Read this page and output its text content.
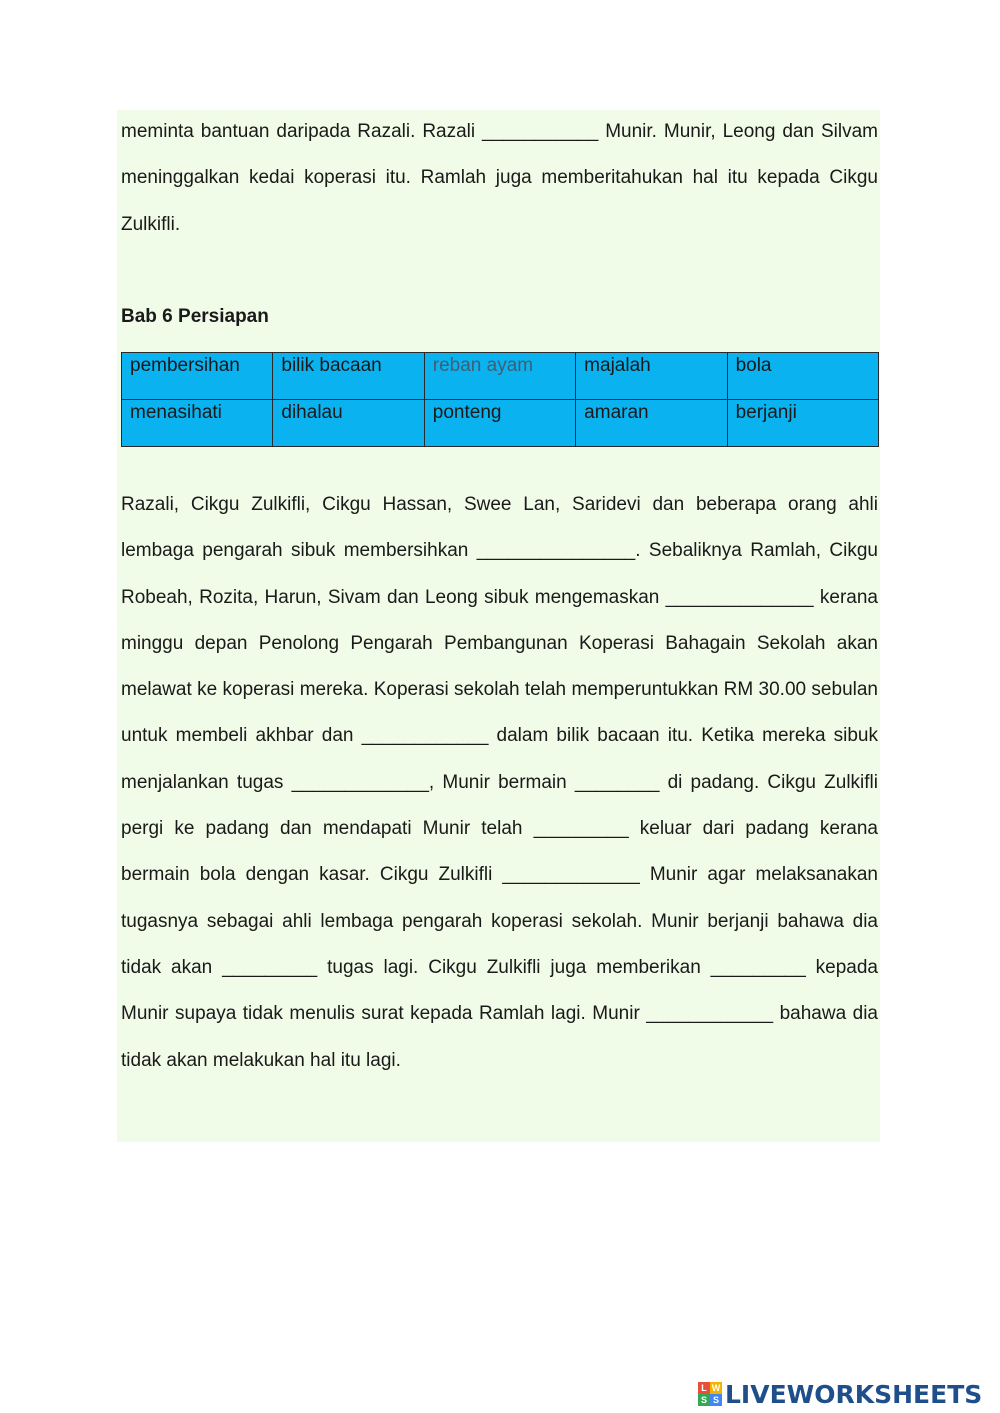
meminta bantuan daripada Razali. Razali ___________ Munir. Munir, Leong dan Silvam meninggalkan kedai koperasi itu. Ramlah juga memberitahukan hal itu kepada Cikgu Zulkifli.

Bab 6 Persiapan
pembersihan	bilik bacaan	reban ayam	majalah	bola
menasihati	dihalau	ponteng	amaran	berjanji

Razali, Cikgu Zulkifli, Cikgu Hassan, Swee Lan, Saridevi dan beberapa orang ahli lembaga pengarah sibuk membersihkan _______________. Sebaliknya Ramlah, Cikgu Robeah, Rozita, Harun, Sivam dan Leong sibuk mengemaskan ______________ kerana minggu depan Penolong Pengarah Pembangunan Koperasi Bahagain Sekolah akan melawat ke koperasi mereka. Koperasi sekolah telah memperuntukkan RM 30.00 sebulan untuk membeli akhbar dan ____________ dalam bilik bacaan itu. Ketika mereka sibuk menjalankan tugas _____________, Munir bermain ________ di padang. Cikgu Zulkifli pergi ke padang dan mendapati Munir telah _________ keluar dari padang kerana bermain bola dengan kasar. Cikgu Zulkifli _____________ Munir agar melaksanakan tugasnya sebagai ahli lembaga pengarah koperasi sekolah. Munir berjanji bahawa dia tidak akan _________ tugas lagi. Cikgu Zulkifli juga memberikan _________ kepada Munir supaya tidak menulis surat kepada Ramlah lagi. Munir ____________ bahawa dia tidak akan melakukan hal itu lagi.

L W
S S LIVEWORKSHEETS
